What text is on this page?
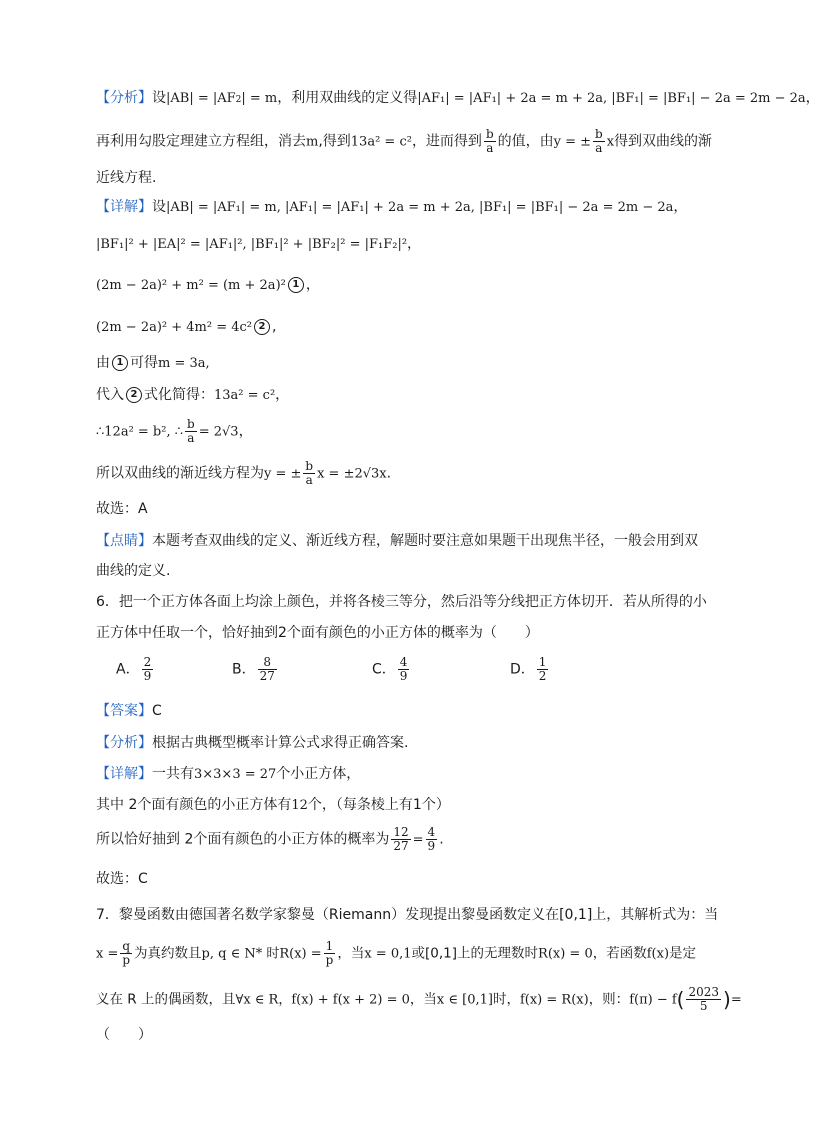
【分析】设|AB| = |AF2| = m，利用双曲线的定义得|AF₁| = |AF₁| + 2a = m + 2a, |BF₁| = |BF₁| − 2a = 2m − 2a，
再利用勾股定理建立方程组，消去m,得到13a² = c²，进而得到 $\frac{b}{a}$ 的值，由y = ± $\frac{b}{a}$ x得到双曲线的渐
近线方程.
【详解】设|AB| = |AF₁| = m, |AF₁| = |AF₁| + 2a = m + 2a, |BF₁| = |BF₁| − 2a = 2m − 2a，
|BF₁|² + |EA|² = |AF₁|², |BF₁|² + |BF₂|² = |F₁F₂|²，
(2m − 2a)² + m² = (m + 2a)² 1 ，
(2m − 2a)² + 4m² = 4c² 2 ,
由 1 可得m = 3a,
代入 2 式化简得：13a² = c²，
∴12a² = b², ∴ $\frac{b}{a} = 2√3$，
所以双曲线的渐近线方程为y = ± $\frac{b}{a}$ x = ±2√3x.
故选：A
【点睛】本题考查双曲线的定义、渐近线方程，解题时要注意如果题干出现焦半径，一般会用到双
曲线的定义.
6．把一个正方体各面上均涂上颜色，并将各棱三等分，然后沿等分线把正方体切开．若从所得的小
正方体中任取一个，恰好抽到2个面有颜色的小正方体的概率为（　　）
A． $\frac{2}{9}$	B． $\frac{8}{27}$	C． $\frac{4}{9}$	D． $\frac{1}{2}$
【答案】C
【分析】根据古典概型概率计算公式求得正确答案.
【详解】一共有3×3×3 = 27个小正方体，
其中 2个面有颜色的小正方体有12个，（每条棱上有1个）
所以恰好抽到 2个面有颜色的小正方体的概率为 $\frac{12}{27} = \frac{4}{9}$ .
故选：C
7．黎曼函数由德国著名数学家黎曼（Riemann）发现提出黎曼函数定义在[0,1]上，其解析式为：当
$x = \frac{q}{p}$ 为真约数且p, q ∈ N* 时$R(x) = \frac{1}{p}$ ，当x = 0,1或[0,1]上的无理数时R(x) = 0，若函数f(x)是定
义在 R 上的偶函数，且∀x ∈ R，f(x) + f(x + 2) = 0，当x ∈ [0,1]时，f(x) = R(x)，则：$f(\pi) - f( \frac{2023}{5}$ )=
（　　）
